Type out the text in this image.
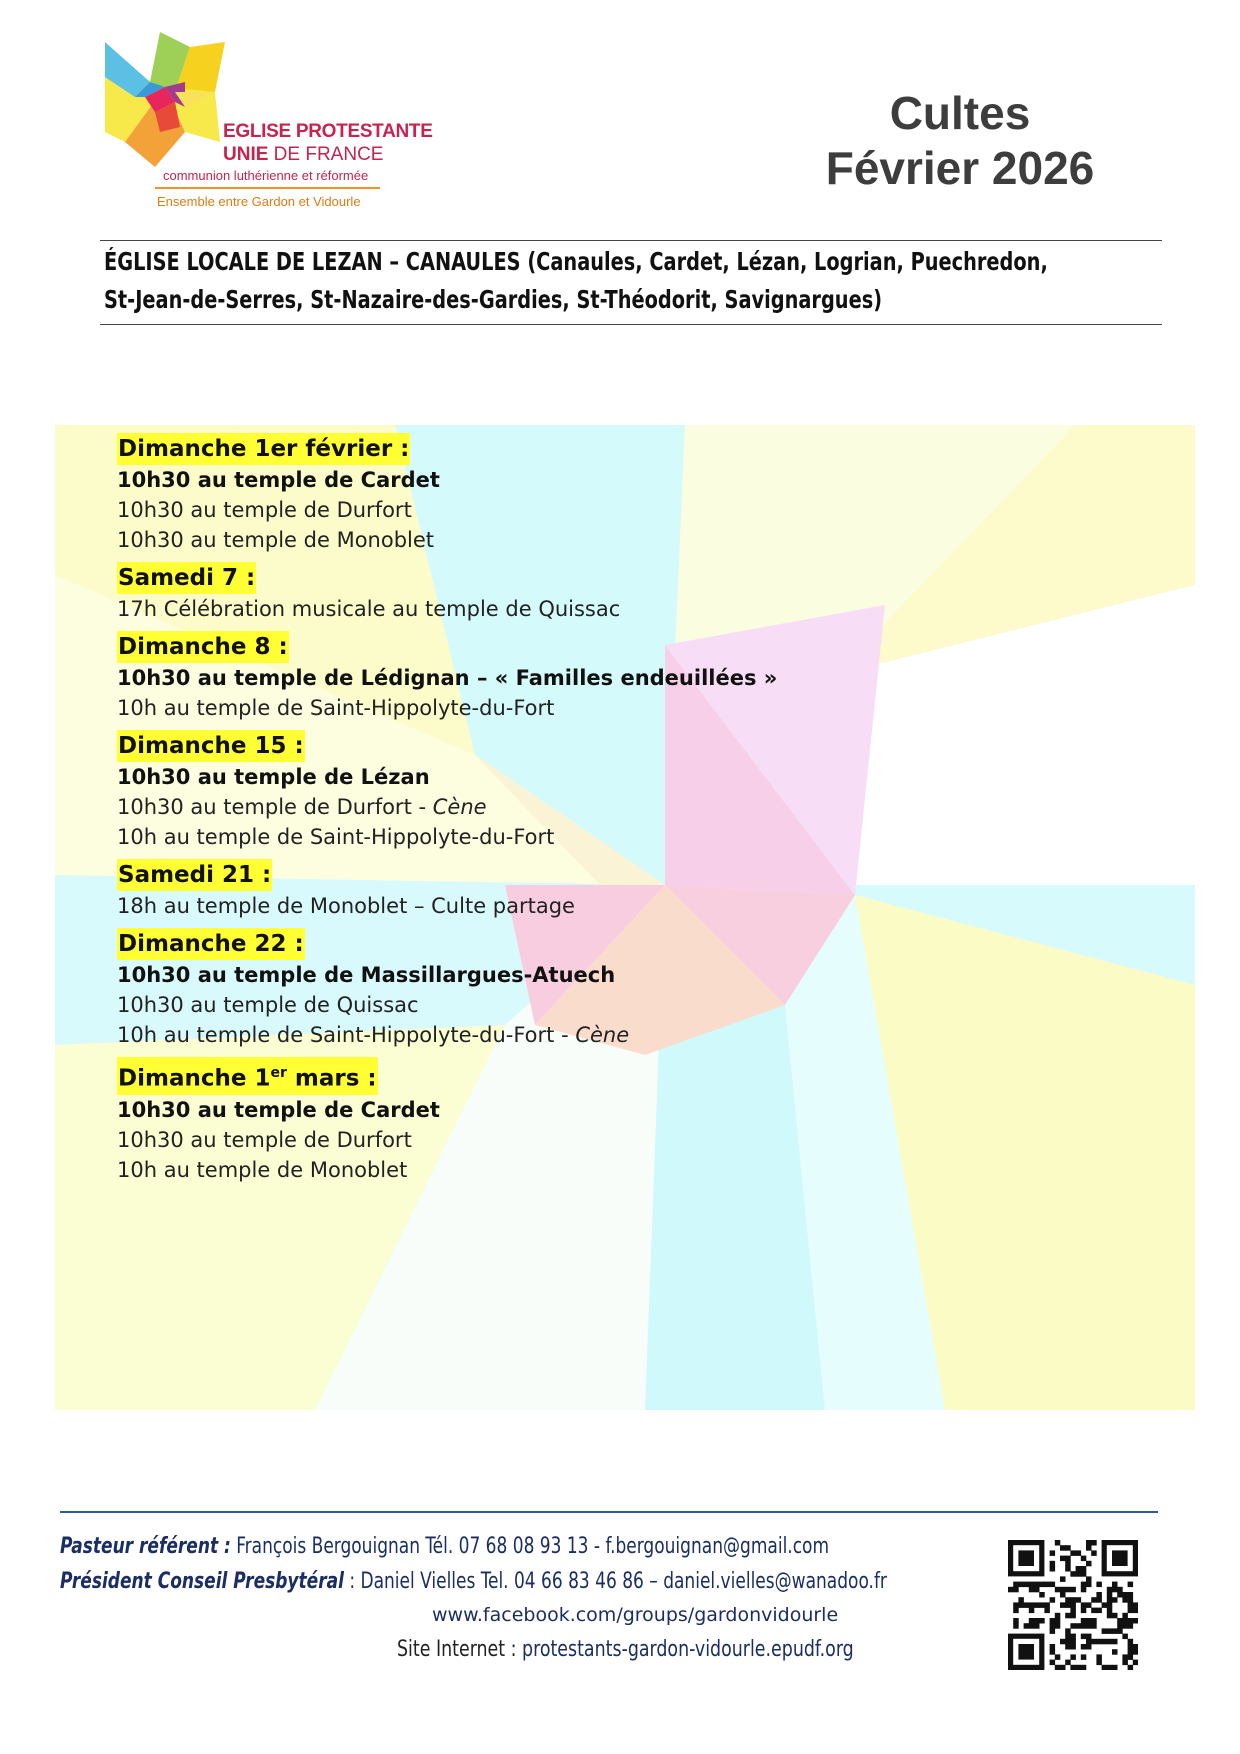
EGLISE PROTESTANTE
UNIE DE FRANCE
communion luthérienne et réformée
Ensemble entre Gardon et Vidourle
Cultes
Février 2026
ÉGLISE LOCALE DE LEZAN – CANAULES (Canaules, Cardet, Lézan, Logrian, Puechredon,
St-Jean-de-Serres, St-Nazaire-des-Gardies, St-Théodorit, Savignargues)
Dimanche 1er février :
10h30 au temple de Cardet
10h30 au temple de Durfort
10h30 au temple de Monoblet
Samedi 7 :
17h Célébration musicale au temple de Quissac
Dimanche 8 :
10h30 au temple de Lédignan – « Familles endeuillées »
10h au temple de Saint-Hippolyte-du-Fort
Dimanche 15 :
10h30 au temple de Lézan
10h30 au temple de Durfort - Cène
10h au temple de Saint-Hippolyte-du-Fort
Samedi 21 :
18h au temple de Monoblet – Culte partage
Dimanche 22 :
10h30 au temple de Massillargues-Atuech
10h30 au temple de Quissac
10h au temple de Saint-Hippolyte-du-Fort - Cène
Dimanche 1er mars :
10h30 au temple de Cardet
10h30 au temple de Durfort
10h au temple de Monoblet
Pasteur référent : François Bergouignan Tél. 07 68 08 93 13 - f.bergouignan@gmail.com
Président Conseil Presbytéral : Daniel Vielles Tel. 04 66 83 46 86 – daniel.vielles@wanadoo.fr
www.facebook.com/groups/gardonvidourle
Site Internet : protestants-gardon-vidourle.epudf.org
